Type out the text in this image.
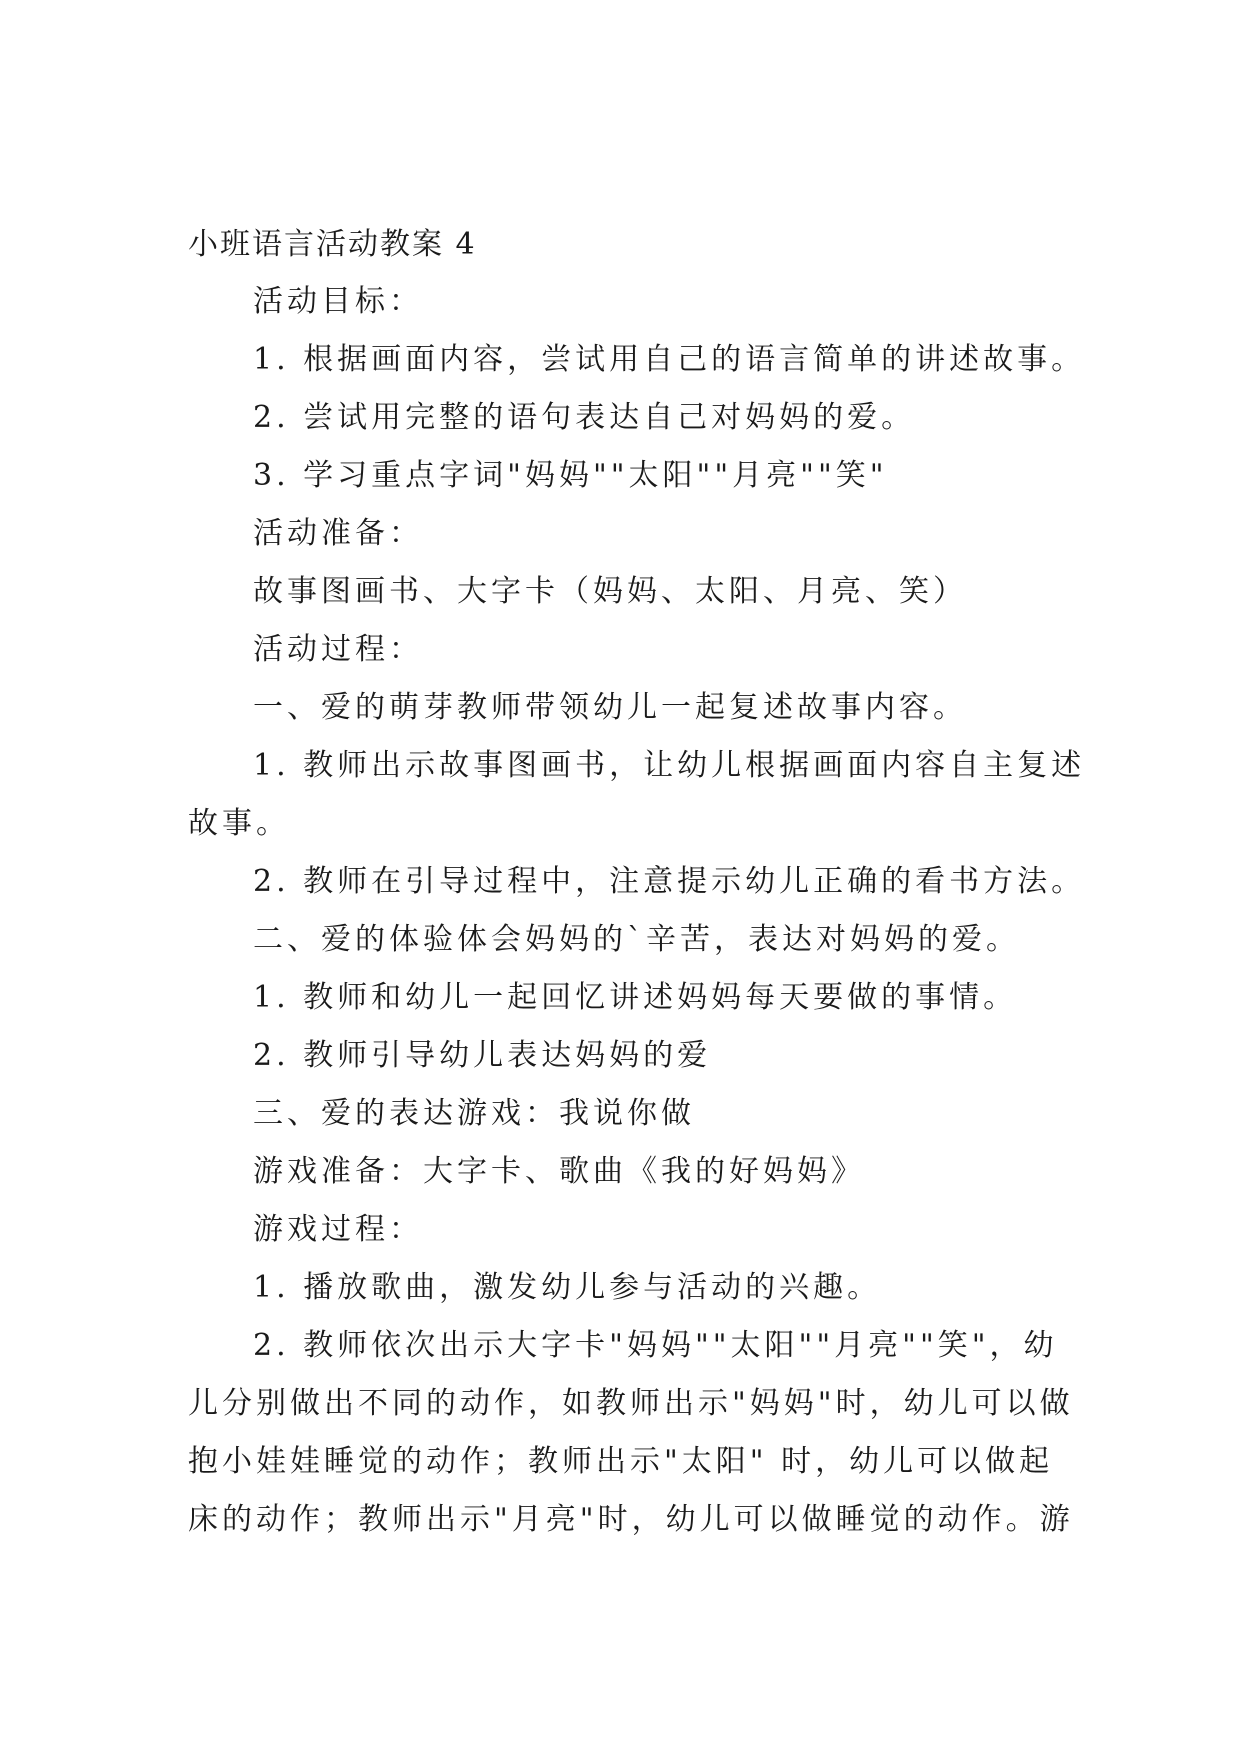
小班语言活动教案 4
活动目标：
1. 根据画面内容，尝试用自己的语言简单的讲述故事。
2. 尝试用完整的语句表达自己对妈妈的爱。
3. 学习重点字词"妈妈""太阳""月亮""笑"
活动准备：
故事图画书、大字卡（妈妈、太阳、月亮、笑）
活动过程：
一、爱的萌芽教师带领幼儿一起复述故事内容。
1. 教师出示故事图画书，让幼儿根据画面内容自主复述
故事。
2. 教师在引导过程中，注意提示幼儿正确的看书方法。
二、爱的体验体会妈妈的`辛苦，表达对妈妈的爱。
1. 教师和幼儿一起回忆讲述妈妈每天要做的事情。
2. 教师引导幼儿表达妈妈的爱
三、爱的表达游戏：我说你做
游戏准备：大字卡、歌曲《我的好妈妈》
游戏过程：
1. 播放歌曲，激发幼儿参与活动的兴趣。
2. 教师依次出示大字卡"妈妈""太阳""月亮""笑"，幼
儿分别做出不同的动作，如教师出示"妈妈"时，幼儿可以做
抱小娃娃睡觉的动作；教师出示"太阳" 时，幼儿可以做起
床的动作；教师出示"月亮"时，幼儿可以做睡觉的动作。游
